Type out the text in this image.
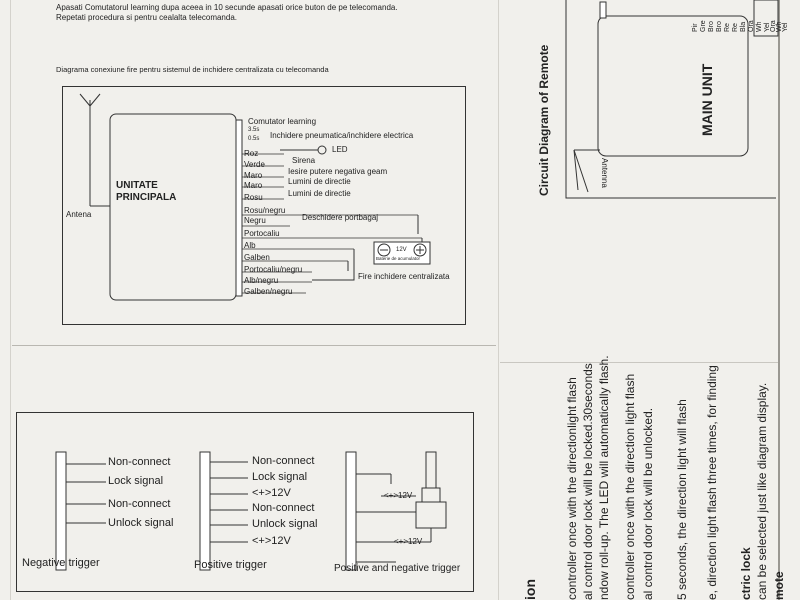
Apasati Comutatorul learning dupa aceea in 10 secunde apasati orice buton de pe telecomanda.
Repetati procedura si pentru cealalta telecomanda.
Diagrama conexiune fire pentru sistemul de inchidere centralizata cu telecomanda
Antena
UNITATE
PRINCIPALA
Comutator learning
3.5s
0.5s Inchidere pneumatica/inchidere electrica
LED
Roz
Verde
Maro
Maro
Rosu
Rosu/negru
Negru
Portocaliu
Alb
Galben
Portocaliu/negru
Alb/negru
Galben/negru
Sirena
Iesire putere negativa geam
Lumini de directie
Lumini de directie
Deschidere portbagaj
Fire inchidere centralizata
12V
Baterie de acumulator
Non-connect
Lock signal
Non-connect
Unlock signal
Negative trigger
Non-connect
Lock signal
<+>12V
Non-connect
Unlock signal
<+>12V
Positive trigger
<+>12V
<+>12V
Positive and negative trigger
ion controller once with the directionlight flash al control door lock will be locked.30seconds ndow roll-up. The LED will automatically flash. controller once with the direction light flash al control door lock will be unlocked. 5 seconds, the direction light will flash e, direction light flash three times, for finding ctric lock can be selected just like diagram display. mote
Circuit Diagram of Remote	MAIN UNIT
Antenna
Pir Gre Bro Bro Re Re Bla Ora Wh Yel Ora Wh Yel
